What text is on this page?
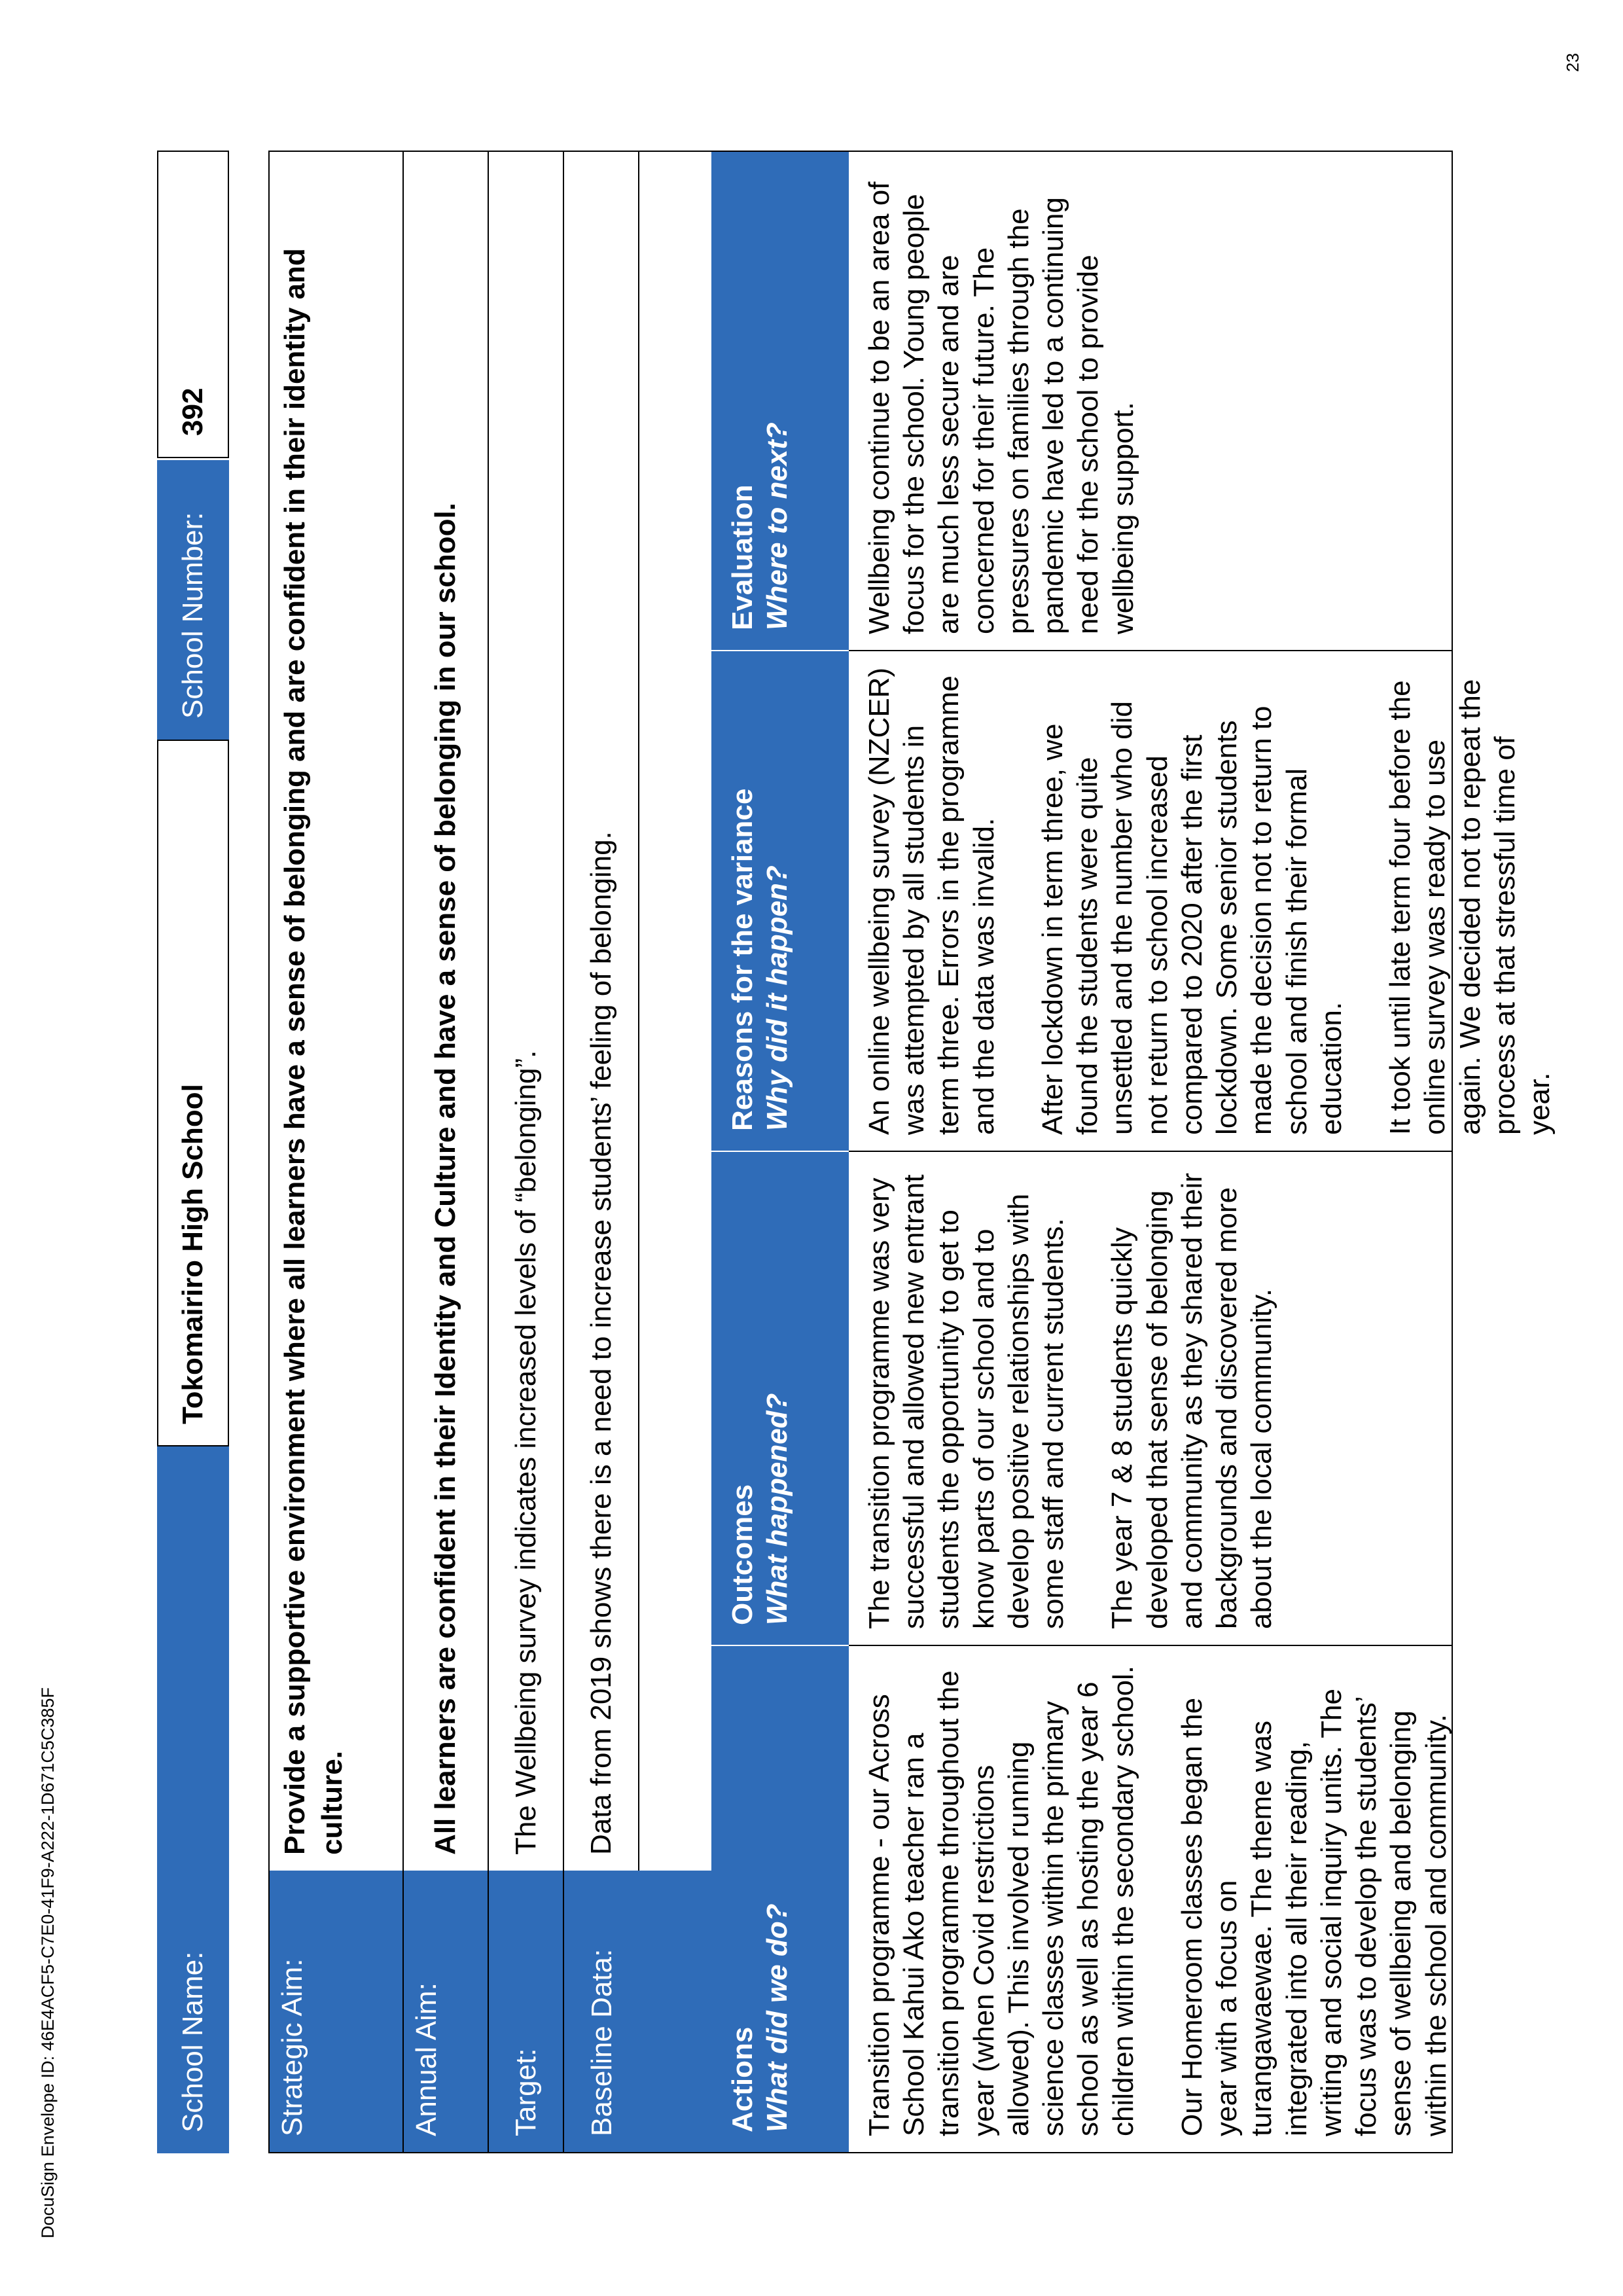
23
DocuSign Envelope ID: 46E4ACF5-C7E0-41F9-A222-1D671C5C385F	School Name:
Tokomairiro High School
School Number:
392
Strategic Aim:
Provide a supportive environment where all learners have a sense of belonging and are confident in their identity and culture.
Annual Aim:
All learners are confident in their Identity and Culture and have a sense of belonging in our school.
Target:
The Wellbeing survey indicates increased levels of “belonging”.
Baseline Data:
Data from 2019 shows there is a need to increase students’ feeling of belonging.
Actions What did we do?
Outcomes What happened?
Reasons for the variance Why did it happen?
Evaluation Where to next?

Transition programme - our Across School Kahui Ako teacher ran a transition programme throughout the year (when Covid restrictions allowed). This involved running science classes within the primary school as well as hosting the year 6 children within the secondary school. Our Homeroom classes began the year with a focus on turangawaewae. The theme was integrated into all their reading, writing and social inquiry units. The focus was to develop the students’ sense of wellbeing and belonging within the school and community.

The transition programme was very successful and allowed new entrant students the opportunity to get to know parts of our school and to develop positive relationships with some staff and current students. The year 7 & 8 students quickly developed that sense of belonging and community as they shared their backgrounds and discovered more about the local community.

An online wellbeing survey (NZCER) was attempted by all students in term three. Errors in the programme and the data was invalid. After lockdown in term three, we found the students were quite unsettled and the number who did not return to school increased compared to 2020 after the first lockdown. Some senior students made the decision not to return to school and finish their formal education. It took until late term four before the online survey was ready to use again. We decided not to repeat the process at that stressful time of year.

Wellbeing continue to be an area of focus for the school. Young people are much less secure and are concerned for their future. The pressures on families through the pandemic have led to a continuing need for the school to provide wellbeing support.
